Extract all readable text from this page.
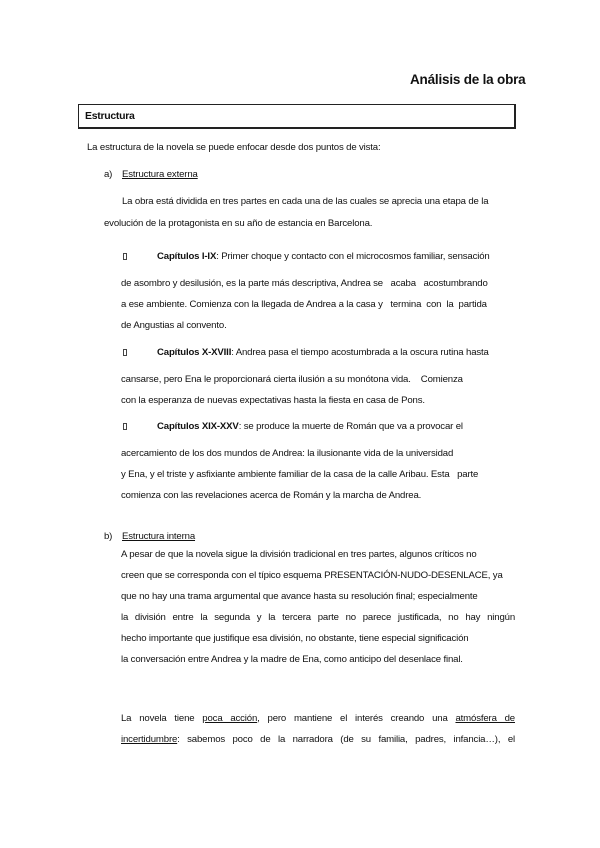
Análisis de la obra
Estructura
La estructura de la novela se puede enfocar desde dos puntos de vista:
a) Estructura externa
La obra está dividida en tres partes en cada una de las cuales se aprecia una etapa de la
evolución de la protagonista en su año de estancia en Barcelona.
Capítulos I-IX: Primer choque y contacto con el microcosmos familiar, sensación
de asombro y desilusión, es la parte más descriptiva, Andrea se   acaba   acostumbrando
a ese ambiente. Comienza con la llegada de Andrea a la casa y   termina  con  la  partida
de Angustias al convento.
Capítulos X-XVIII: Andrea pasa el tiempo acostumbrada a la oscura rutina hasta
cansarse, pero Ena le proporcionará cierta ilusión a su monótona vida.    Comienza
con la esperanza de nuevas expectativas hasta la fiesta en casa de Pons.
Capítulos XIX-XXV: se produce la muerte de Román que va a provocar el
acercamiento de los dos mundos de Andrea: la ilusionante vida de la universidad
y Ena, y el triste y asfixiante ambiente familiar de la casa de la calle Aribau. Esta   parte
comienza con las revelaciones acerca de Román y la marcha de Andrea.
b) Estructura interna
A pesar de que la novela sigue la división tradicional en tres partes, algunos críticos no
creen que se corresponda con el típico esquema PRESENTACIÓN-NUDO-DESENLACE, ya
que no hay una trama argumental que avance hasta su resolución final; especialmente
la división entre la segunda y la tercera parte no parece justificada, no hay ningún
hecho importante que justifique esa división, no obstante, tiene especial significación
la conversación entre Andrea y la madre de Ena, como anticipo del desenlace final.
La novela tiene poca acción, pero mantiene el interés creando una atmósfera de
incertidumbre: sabemos poco de la narradora (de su familia, padres, infancia…), el
